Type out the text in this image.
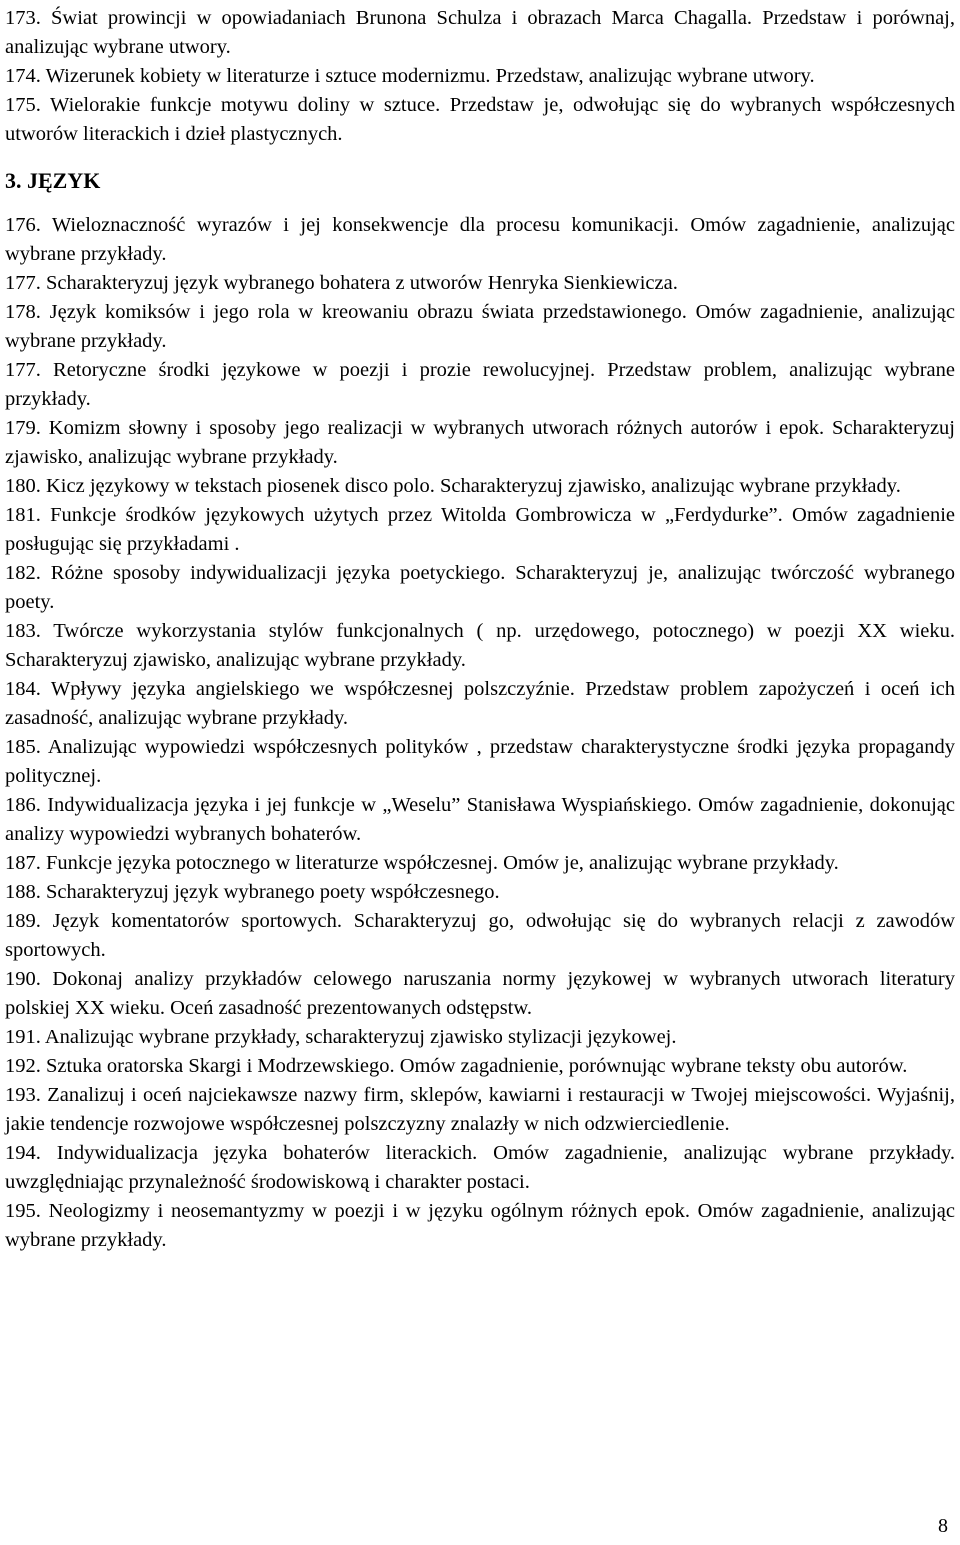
173. Świat prowincji w opowiadaniach Brunona Schulza i obrazach Marca Chagalla. Przedstaw i porównaj, analizując wybrane utwory.

174. Wizerunek kobiety w literaturze i sztuce modernizmu. Przedstaw, analizując wybrane utwory.

175. Wielorakie funkcje motywu doliny w sztuce. Przedstaw je, odwołując się do wybranych współczesnych utworów literackich i dzieł plastycznych.

3. JĘZYK

176. Wieloznaczność wyrazów i jej konsekwencje dla procesu komunikacji. Omów zagadnienie, analizując wybrane przykłady.

177. Scharakteryzuj język wybranego bohatera z utworów Henryka Sienkiewicza.

178. Język komiksów i jego rola w kreowaniu obrazu świata przedstawionego. Omów zagadnienie, analizując wybrane przykłady.

177. Retoryczne środki językowe w poezji i prozie rewolucyjnej. Przedstaw problem, analizując wybrane przykłady.

179. Komizm słowny i sposoby jego realizacji w wybranych utworach różnych autorów i epok. Scharakteryzuj zjawisko, analizując wybrane przykłady.

180. Kicz językowy w tekstach piosenek disco polo. Scharakteryzuj zjawisko, analizując wybrane przykłady.

181. Funkcje środków językowych użytych przez Witolda Gombrowicza w „Ferdydurke”. Omów zagadnienie posługując się przykładami .

182. Różne sposoby indywidualizacji języka poetyckiego. Scharakteryzuj je, analizując twórczość wybranego poety.

183. Twórcze wykorzystania stylów funkcjonalnych ( np. urzędowego, potocznego) w poezji XX wieku. Scharakteryzuj zjawisko, analizując wybrane przykłady.

184. Wpływy języka angielskiego we współczesnej polszczyźnie. Przedstaw problem zapożyczeń i oceń ich zasadność, analizując wybrane przykłady.

185. Analizując wypowiedzi współczesnych polityków , przedstaw charakterystyczne środki języka propagandy politycznej.

186. Indywidualizacja języka i jej funkcje w „Weselu” Stanisława Wyspiańskiego. Omów zagadnienie, dokonując analizy wypowiedzi wybranych bohaterów.

187. Funkcje języka potocznego w literaturze współczesnej. Omów je, analizując wybrane przykłady.

188. Scharakteryzuj język wybranego poety współczesnego.

189. Język komentatorów sportowych. Scharakteryzuj go, odwołując się do wybranych relacji z zawodów sportowych.

190. Dokonaj analizy przykładów celowego naruszania normy językowej w wybranych utworach literatury polskiej XX wieku. Oceń zasadność prezentowanych odstępstw.

191. Analizując wybrane przykłady, scharakteryzuj zjawisko stylizacji językowej.

192. Sztuka oratorska Skargi i Modrzewskiego. Omów zagadnienie, porównując wybrane teksty obu autorów.

193. Zanalizuj i oceń najciekawsze nazwy firm, sklepów, kawiarni i restauracji w Twojej miejscowości. Wyjaśnij, jakie tendencje rozwojowe współczesnej polszczyzny znalazły w nich odzwierciedlenie.

194. Indywidualizacja języka bohaterów literackich. Omów zagadnienie, analizując wybrane przykłady. uwzględniając przynależność środowiskową i charakter postaci.

195. Neologizmy i neosemantyzmy w poezji i w języku ogólnym różnych epok. Omów zagadnienie, analizując wybrane przykłady.

8
